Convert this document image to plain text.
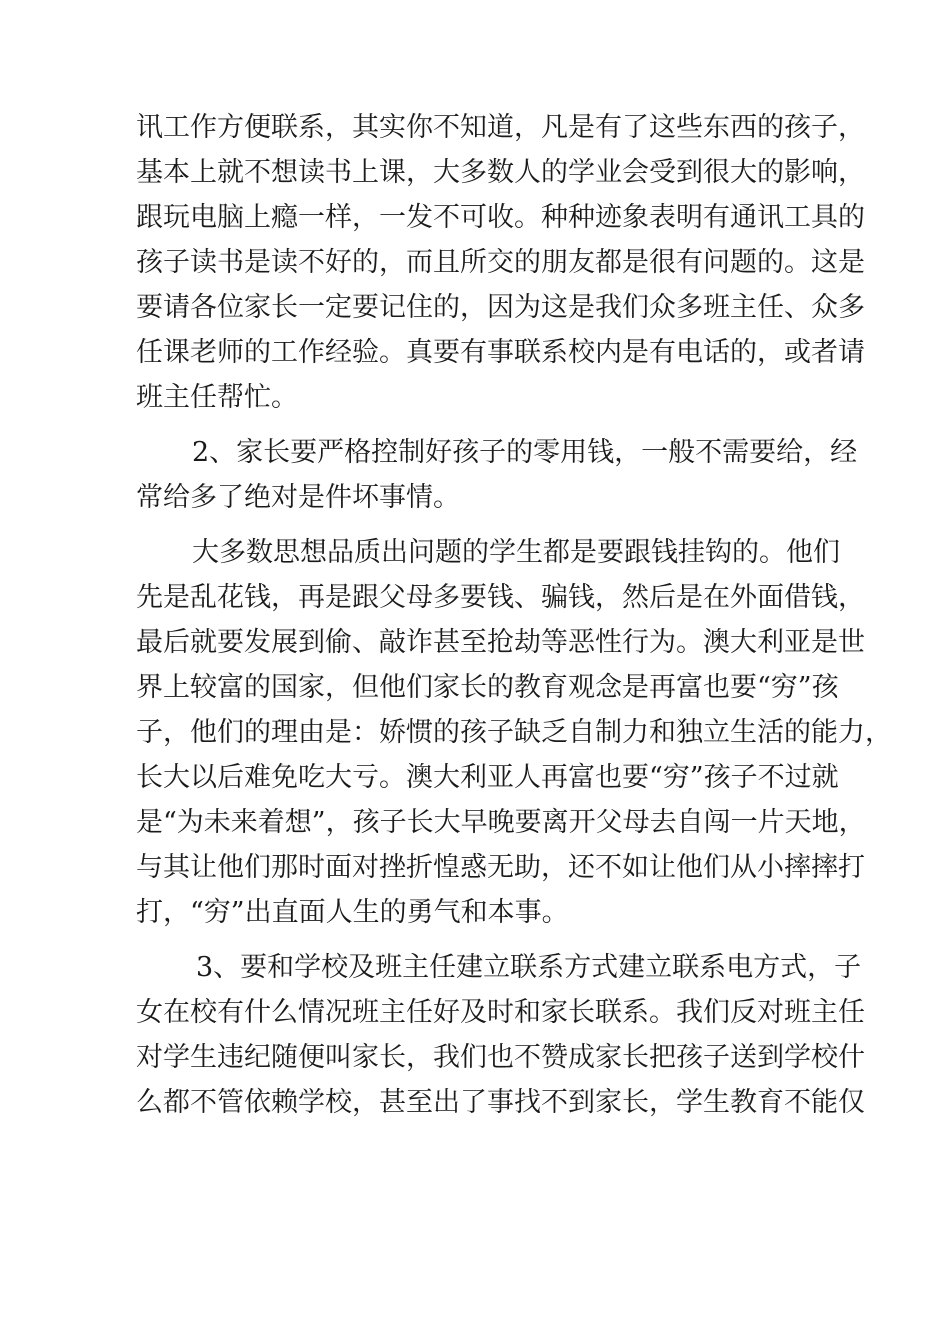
讯工作方便联系，其实你不知道，凡是有了这些东西的孩子，
基本上就不想读书上课，大多数人的学业会受到很大的影响，
跟玩电脑上瘾一样，一发不可收。种种迹象表明有通讯工具的
孩子读书是读不好的，而且所交的朋友都是很有问题的。这是
要请各位家长一定要记住的，因为这是我们众多班主任、众多
任课老师的工作经验。真要有事联系校内是有电话的，或者请
班主任帮忙。
2、家长要严格控制好孩子的零用钱，一般不需要给，经
常给多了绝对是件坏事情。
大多数思想品质出问题的学生都是要跟钱挂钩的。他们
先是乱花钱，再是跟父母多要钱、骗钱，然后是在外面借钱，
最后就要发展到偷、敲诈甚至抢劫等恶性行为。澳大利亚是世
界上较富的国家，但他们家长的教育观念是再富也要“穷”孩
子，他们的理由是：娇惯的孩子缺乏自制力和独立生活的能力，
长大以后难免吃大亏。澳大利亚人再富也要“穷”孩子不过就
是“为未来着想”，孩子长大早晚要离开父母去自闯一片天地，
与其让他们那时面对挫折惶惑无助，还不如让他们从小摔摔打
打，“穷”出直面人生的勇气和本事。
3、要和学校及班主任建立联系方式建立联系电方式，子
女在校有什么情况班主任好及时和家长联系。我们反对班主任
对学生违纪随便叫家长，我们也不赞成家长把孩子送到学校什
么都不管依赖学校，甚至出了事找不到家长，学生教育不能仅
